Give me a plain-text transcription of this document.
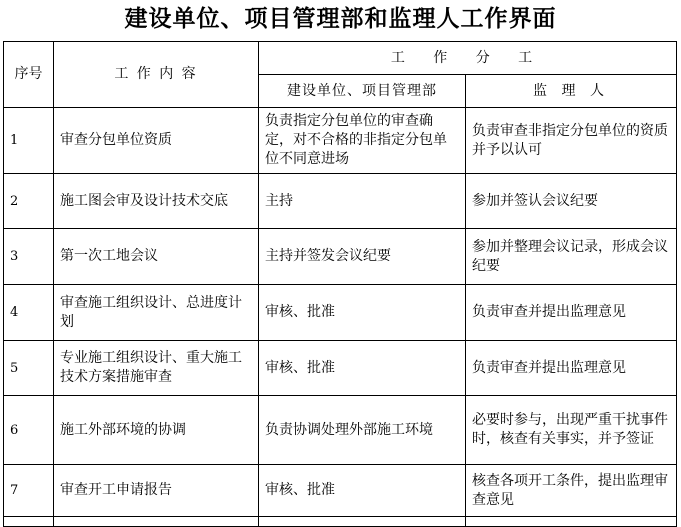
建设单位、项目管理部和监理人工作界面
序号	工 作 内 容	工 作 分 工	
		建设单位、项目管理部	监 理 人
1	审查分包单位资质	负责指定分包单位的审查确定，对不合格的非指定分包单位不同意进场	负责审查非指定分包单位的资质并予以认可
2	施工图会审及设计技术交底	主持	参加并签认会议纪要
3	第一次工地会议	主持并签发会议纪要	参加并整理会议记录，形成会议纪要
4	审查施工组织设计、总进度计划	审核、批准	负责审查并提出监理意见
5	专业施工组织设计、重大施工技术方案措施审查	审核、批准	负责审查并提出监理意见
6	施工外部环境的协调	负责协调处理外部施工环境	必要时参与，出现严重干扰事件时，核查有关事实，并予签证
7	审查开工申请报告	审核、批准	核查各项开工条件，提出监理审查意见
